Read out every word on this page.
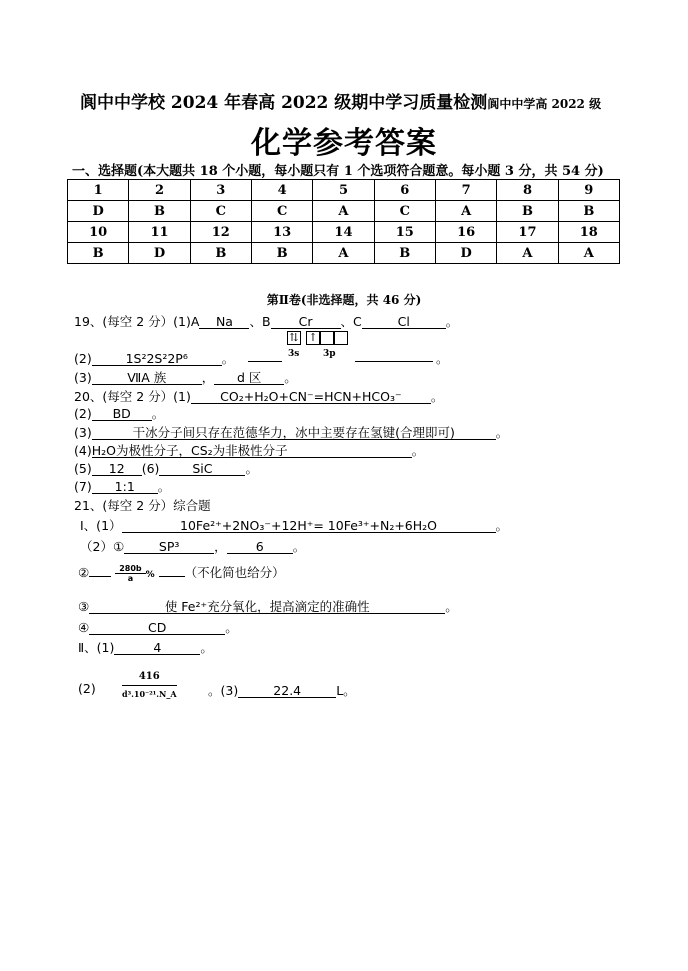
阆中中学校 2024 年春高 2022 级期中学习质量检测阆中中学高 2022 级
化学参考答案
一、选择题(本大题共 18 个小题，每小题只有 1 个选项符合题意。每小题 3 分，共 54 分)
1	2	3	4	5	6	7	8	9
D	B	C	C	A	C	A	B	B
10	11	12	13	14	15	16	17	18
B	D	B	B	A	B	D	A	A
第Ⅱ卷(非选择题，共 46 分)
19、(每空 2 分）(1)A Na 、B Cr 、C	Cl	。
⇅ ↑
3s	3p
(2)	1S²2S²2P⁶	。	。
(3)	ⅦA 族	， d 区 。
20、(每空 2 分）(1) CO₂+H₂O+CN⁻=HCN+HCO₃⁻ 。
(2) BD 。
(3)	干冰分子间只存在范德华力，冰中主要存在氢键(合理即可)	。
(4)H₂O为极性分子，CS₂为非极性分子	。
(5) 12 (6)	SiC	。
(7) 1:1 。
21、(每空 2 分）综合题
Ⅰ、(1）	10Fe²⁺+2NO₃⁻+12H⁺= 10Fe³⁺+N₂+6H₂O	。
（2）①	SP³	， 6 。
②	$\frac{280b}{a}$ % （不化简也给分）
③	使 Fe²⁺充分氧化，提高滴定的准确性	。
④	CD	。
Ⅱ、(1)	4	。
(2)	$\frac{416}{\text{d³.10⁻²¹.N\_A}}$	。(3)	22.4	L。
